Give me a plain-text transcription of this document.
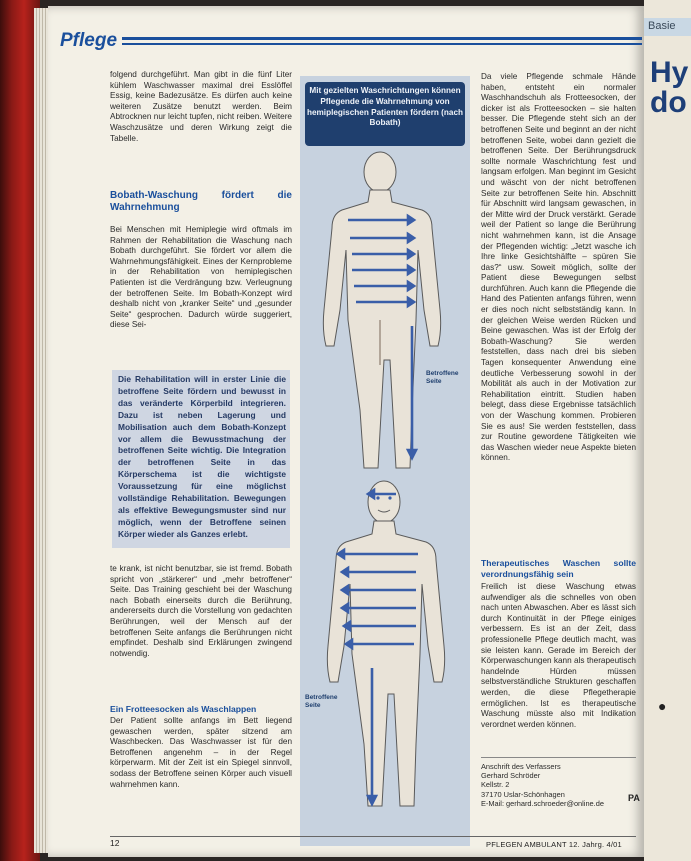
Basie
Hy
do
●
Pflege

folgend durchgeführt. Man gibt in die fünf Liter kühlem Waschwasser maximal drei Esslöffel Essig, keine Badezusätze. Es dürfen auch keine weiteren Zusätze benutzt werden. Beim Abtrocknen nur leicht tupfen, nicht reiben. Weitere Waschzusätze und deren Wirkung zeigt die Tabelle.

Bobath-Waschung fördert die Wahrnehmung

Bei Menschen mit Hemiplegie wird oftmals im Rahmen der Rehabilitation die Waschung nach Bobath durchgeführt. Sie fördert vor allem die Wahrnehmungsfähigkeit. Eines der Kernprobleme in der Rehabilitation von hemiplegischen Patienten ist die Verdrängung bzw. Verleugnung der betroffenen Seite. Im Bobath-Konzept wird deshalb nicht von „kranker Seite“ und „gesunder Seite“ gesprochen. Dadurch würde suggeriert, diese Sei-

Die Rehabilitation will in erster Linie die betroffene Seite fördern und bewusst in das veränderte Körperbild integrieren. Dazu ist neben Lagerung und Mobilisation auch dem Bobath-Konzept vor allem die Bewusstmachung der betroffenen Seite wichtig. Die Integration der betroffenen Seite in das Körperschema ist die wichtigste Voraussetzung für eine möglichst vollständige Rehabilitation. Bewegungen als effektive Bewegungsmuster sind nur möglich, wenn der Betroffene seinen Körper wieder als Ganzes erlebt.

te krank, ist nicht benutzbar, sie ist fremd. Bobath spricht von „stärkerer“ und „mehr betroffener“ Seite. Das Training geschieht bei der Waschung nach Bobath einerseits durch die Berührung, andererseits durch die Vorstellung von gedachten Berührungen, weil der Mensch auf der betroffenen Seite anfangs die Berührungen nicht empfindet. Deshalb sind Erklärungen zwingend notwendig.

Ein Frotteesocken als Waschlappen

Der Patient sollte anfangs im Bett liegend gewaschen werden, später sitzend am Waschbecken. Das Waschwasser ist für den Betroffenen angenehm – in der Regel körperwarm. Mit der Zeit ist ein Spiegel sinnvoll, sodass der Betroffene seinen Körper auch visuell wahrnehmen kann.

Mit gezielten Waschrichtungen können Pflegende die Wahrnehmung von hemiplegischen Patienten fördern (nach Bobath)
Betroffene Seite
Betroffene Seite

Da viele Pflegende schmale Hände haben, entsteht ein normaler Waschhandschuh als Frotteesocken, der dicker ist als Frotteesocken – sie halten besser. Die Pflegende steht sich an der betroffenen Seite und beginnt an der nicht betroffenen Seite, wobei dann gezielt die betroffenen Seite. Der Berührungsdruck sollte normale Waschrichtung fest und langsam erfolgen. Man beginnt im Gesicht und wäscht von der nicht betroffenen Seite zur betroffenen Seite hin. Abschnitt für Abschnitt wird langsam gewaschen, in der Mitte wird der Druck verstärkt. Gerade weil der Patient so lange die Berührung nicht wahrnehmen kann, ist die Ansage der Pflegenden wichtig: „Jetzt wasche ich Ihre linke Gesichtshälfte – spüren Sie das?“ usw. Soweit möglich, sollte der Patient diese Bewegungen selbst durchführen. Auch kann die Pflegende die Hand des Patienten anfangs führen, wenn er dies noch nicht selbstständig kann. In der gleichen Weise werden Rücken und Beine gewaschen. Was ist der Erfolg der Bobath-Waschung? Sie werden feststellen, dass nach drei bis sieben Tagen konsequenter Anwendung eine deutliche Verbesserung sowohl in der Mobilität als auch in der Motivation zur Rehabilitation eintritt. Studien haben belegt, dass diese Ergebnisse tatsächlich von der Waschung kommen. Probieren Sie es aus! Sie werden feststellen, dass zur Routine gewordene Tätigkeiten wie das Waschen wieder neue Aspekte bieten können.

Therapeutisches Waschen sollte verordnungsfähig sein

Freilich ist diese Waschung etwas aufwendiger als die schnelles von oben nach unten Abwaschen. Aber es lässt sich durch Kontinuität in der Pflege einiges verbessern. Es ist an der Zeit, dass professionelle Pflege deutlich macht, was sie leisten kann. Gerade im Bereich der Körperwaschungen kann als therapeutisch handelnde Hürden müssen selbstverständliche Strukturen geschaffen werden, die diese Pflegetherapie ermöglichen. Ist es therapeutische Waschung müsste also mit Indikation verordnet werden können.

Anschrift des Verfassers
Gerhard Schröder
Kellstr. 2
37170 Uslar-Schönhagen
E-Mail: gerhard.schroeder@online.de
PA
12	PFLEGEN AMBULANT 12. Jahrg. 4/01
